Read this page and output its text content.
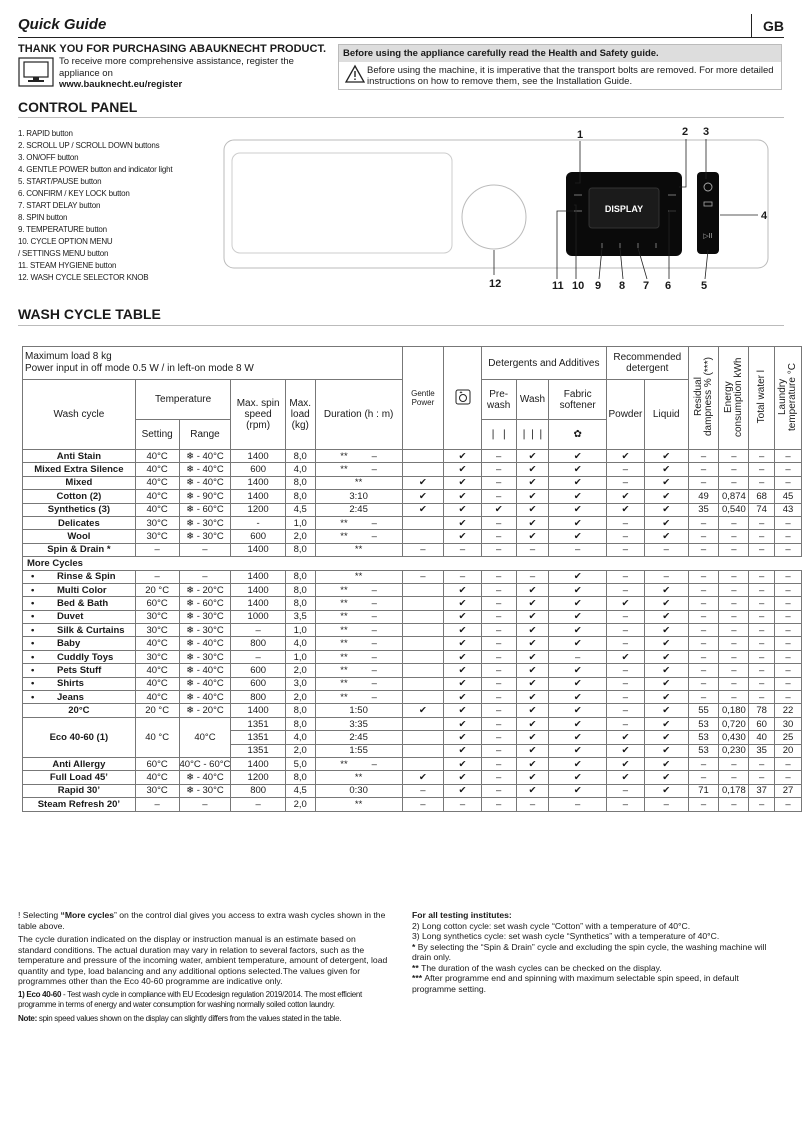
Quick Guide	GB
THANK YOU FOR PURCHASING ABAUKNECHT PRODUCT.
To receive more comprehensive assistance, register the
appliance on
www.bauknecht.eu/register
Before using the appliance carefully read the Health and Safety guide.
Before using the machine, it is imperative that the transport bolts are removed. For more detailed instructions on how to remove them, see the Installation Guide.
CONTROL PANEL
1. RAPID button
2. SCROLL UP / SCROLL DOWN buttons
3. ON/OFF button
4. GENTLE POWER button and indicator light
5. START/PAUSE button
6. CONFIRM / KEY LOCK button
7. START DELAY button
8. SPIN button
9. TEMPERATURE button
10. CYCLE OPTION MENU
/ SETTINGS MENU button
11. STEAM HYGIENE button
12. WASH CYCLE SELECTOR KNOB
DISPLAY
▷II
1	2 3
4
12	11 10 9 8 7 6	5
WASH CYCLE TABLE
Maximum load 8 kg
Power input in off mode 0.5 W / in left-on mode 8 W						Gentle Power		Detergents and Additives			Recommended detergent		Residual dampness % (***)	Energy consumption kWh	Total water l	Laundry temperature °C
Wash cycle	Temperature		Max. spin speed (rpm)	Max. load (kg)	Duration (h : m)			Pre-wash	Wash	Fabric softener	Powder	Liquid				
	Setting	Range						❘ ❘	❘❘❘	✿						
Anti Stain	40°C	❄ - 40°C	1400	8,0	** –		✔	–	✔	✔	✔	✔	–	–	–	–
Mixed Extra Silence	40°C	❄ - 40°C	600	4,0	** –		✔	–	✔	✔	–	✔	–	–	–	–
Mixed	40°C	❄ - 40°C	1400	8,0	**	✔	✔	–	✔	✔	–	✔	–	–	–	–
Cotton (2)	40°C	❄ - 90°C	1400	8,0	3:10	✔	✔	–	✔	✔	✔	✔	49	0,874	68	45
Synthetics (3)	40°C	❄ - 60°C	1200	4,5	2:45	✔	✔	✔	✔	✔	✔	✔	35	0,540	74	43
Delicates	30°C	❄ - 30°C	-	1,0	** –		✔	–	✔	✔	–	✔	–	–	–	–
Wool	30°C	❄ - 30°C	600	2,0	** –		✔	–	✔	✔	–	✔	–	–	–	–
Spin & Drain *	–	–	1400	8,0	**	–	–	–	–	–	–	–	–	–	–	–
More Cycles																
• Rinse & Spin	–	–	1400	8,0	**	–	–	–	–	✔	–	–	–	–	–	–
• Multi Color	20 °C	❄ - 20°C	1400	8,0	** –		✔	–	✔	✔	–	✔	–	–	–	–
• Bed & Bath	60°C	❄ - 60°C	1400	8,0	** –		✔	–	✔	✔	✔	✔	–	–	–	–
• Duvet	30°C	❄ - 30°C	1000	3,5	** –		✔	–	✔	✔	–	✔	–	–	–	–
• Silk & Curtains	30°C	❄ - 30°C	–	1,0	** –		✔	–	✔	✔	–	✔	–	–	–	–
• Baby	40°C	❄ - 40°C	800	4,0	** –		✔	–	✔	✔	–	✔	–	–	–	–
• Cuddly Toys	30°C	❄ - 30°C	–	1,0	** –		✔	–	✔	–	✔	✔	–	–	–	–
• Pets Stuff	40°C	❄ - 40°C	600	2,0	** –		✔	–	✔	✔	–	✔	–	–	–	–
• Shirts	40°C	❄ - 40°C	600	3,0	** –		✔	–	✔	✔	–	✔	–	–	–	–
• Jeans	40°C	❄ - 40°C	800	2,0	** –		✔	–	✔	✔	–	✔	–	–	–	–
20°C	20 °C	❄ - 20°C	1400	8,0	1:50	✔	✔	–	✔	✔	–	✔	55	0,180	78	22
Eco 40-60 (1)	40 °C	40°C	1351	8,0	3:35		✔	–	✔	✔	–	✔	53	0,720	60	30
			1351	4,0	2:45		✔	–	✔	✔	✔	✔	53	0,430	40	25
			1351	2,0	1:55		✔	–	✔	✔	✔	✔	53	0,230	35	20
Anti Allergy	60°C	40°C - 60°C	1400	5,0	** –		✔	–	✔	✔	✔	✔	–	–	–	–
Full Load 45’	40°C	❄ - 40°C	1200	8,0	**	✔	✔	–	✔	✔	✔	✔	–	–	–	–
Rapid 30’	30°C	❄ - 30°C	800	4,5	0:30	–	✔	–	✔	✔	–	✔	71	0,178	37	27
Steam Refresh 20’	–	–	–	2,0	**	–	–	–	–	–	–	–	–	–	–	–

! Selecting “More cycles” on the control dial gives you access to extra wash cycles shown in the table above.

The cycle duration indicated on the display or instruction manual is an estimate based on standard conditions. The actual duration may vary in relation to several factors, such as the temperature and pressure of the incoming water, ambient temperature, amount of detergent, load quantity and type, load balancing and any additional options selected.The values given for programmes other than the Eco 40-60 programme are indicative only.

1) Eco 40-60 - Test wash cycle in compliance with EU Ecodesign regulation 2019/2014. The most efficient programme in terms of energy and water consumption for washing normally soiled cotton laundry.

Note: spin speed values shown on the display can slightly differs from the values stated in the table.

For all testing institutes:

2) Long cotton cycle: set wash cycle “Cotton” with a temperature of 40°C.

3) Long synthetics cycle: set wash cycle “Synthetics” with a temperature of 40°C.

* By selecting the “Spin & Drain” cycle and excluding the spin cycle, the washing machine will drain only.

** The duration of the wash cycles can be checked on the display.

*** After programme end and spinning with maximum selectable spin speed, in default programme setting.
